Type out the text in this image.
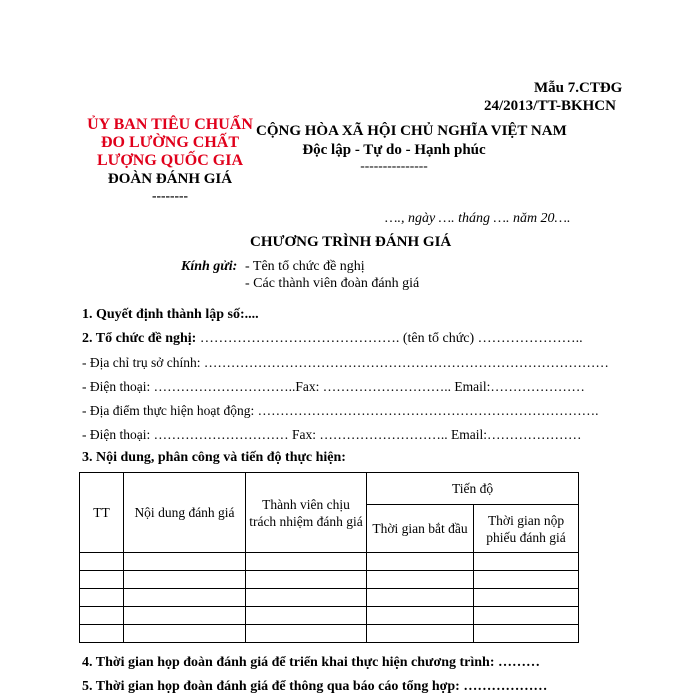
Mẫu 7.CTĐG
24/2013/TT-BKHCN
ỦY BAN TIÊU CHUẨN
ĐO LƯỜNG CHẤT
LƯỢNG QUỐC GIA
ĐOÀN ĐÁNH GIÁ
--------
CỘNG HÒA XÃ HỘI CHỦ NGHĨA VIỆT NAM
Độc lập - Tự do - Hạnh phúc
---------------
…., ngày …. tháng …. năm 20….
CHƯƠNG TRÌNH ĐÁNH GIÁ
Kính gửi: - Tên tổ chức đề nghị
- Các thành viên đoàn đánh giá
1. Quyết định thành lập số:....
2. Tổ chức đề nghị: ……………………………………. (tên tổ chức) …………………..
- Địa chỉ trụ sở chính: ………………………………………………………………………………
- Điện thoại: …………………………..Fax: ……………………….. Email:…………………
- Địa điểm thực hiện hoạt động: ………………………………………………………………….
- Điện thoại: ………………………… Fax: ……………………….. Email:…………………
3. Nội dung, phân công và tiến độ thực hiện:
TT	Nội dung đánh giá	Thành viên chịu trách nhiệm đánh giá	Tiến độ	
			Thời gian bắt đầu	Thời gian nộp phiếu đánh giá

4. Thời gian họp đoàn đánh giá để triển khai thực hiện chương trình: ………
5. Thời gian họp đoàn đánh giá để thông qua báo cáo tổng hợp: ………………
